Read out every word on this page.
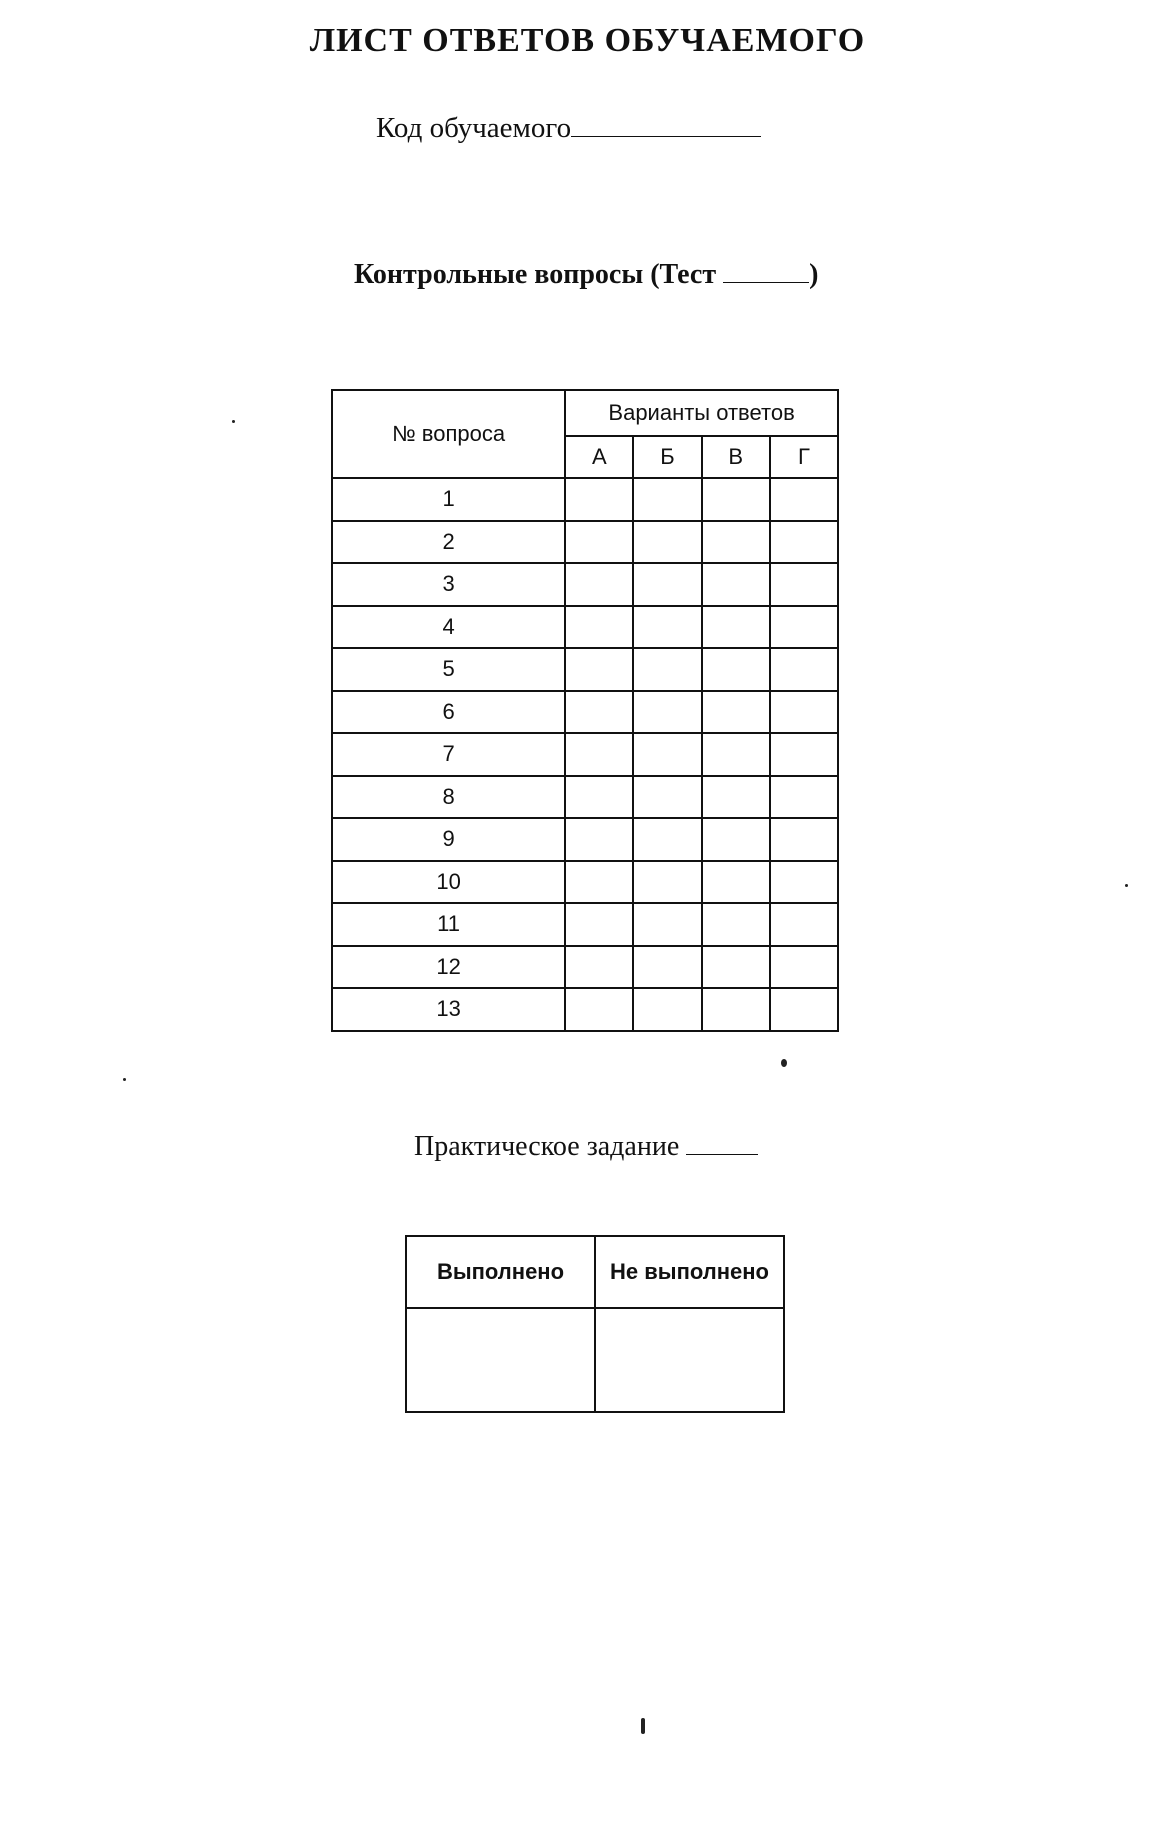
ЛИСТ ОТВЕТОВ ОБУЧАЕМОГО
Код обучаемого
Контрольные вопросы (Тест	)
№ вопроса	Варианты ответов			
	А	Б	В	Г
1				
2				
3				
4				
5				
6				
7				
8				
9				
10				
11				
12				
13				
Практическое задание
Выполнено	Не выполнено
